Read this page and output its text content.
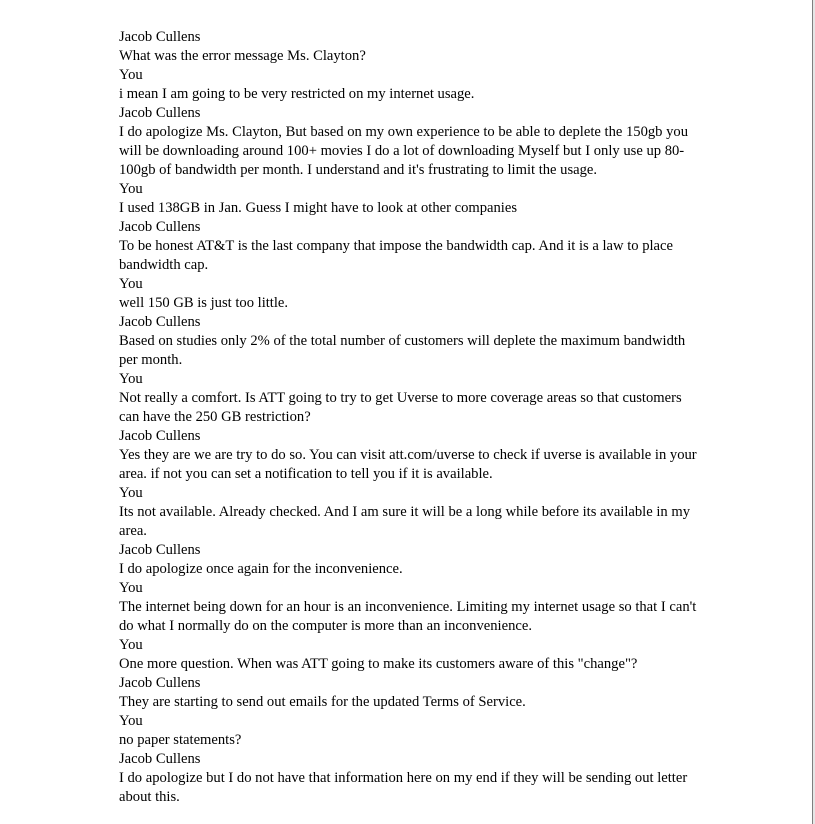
Jacob Cullens
What was the error message Ms. Clayton?
You
i mean I am going to be very restricted on my internet usage.
Jacob Cullens
I do apologize Ms. Clayton, But based on my own experience to be able to deplete the 150gb you will be downloading around 100+ movies I do a lot of downloading Myself but I only use up 80-100gb of bandwidth per month. I understand and it's frustrating to limit the usage.
You
I used 138GB in Jan. Guess I might have to look at other companies
Jacob Cullens
To be honest AT&T is the last company that impose the bandwidth cap. And it is a law to place bandwidth cap.
You
well 150 GB is just too little.
Jacob Cullens
Based on studies only 2% of the total number of customers will deplete the maximum bandwidth per month.
You
Not really a comfort. Is ATT going to try to get Uverse to more coverage areas so that customers can have the 250 GB restriction?
Jacob Cullens
Yes they are we are try to do so. You can visit att.com/uverse to check if uverse is available in your area. if not you can set a notification to tell you if it is available.
You
Its not available. Already checked. And I am sure it will be a long while before its available in my area.
Jacob Cullens
I do apologize once again for the inconvenience.
You
The internet being down for an hour is an inconvenience. Limiting my internet usage so that I can't do what I normally do on the computer is more than an inconvenience.
You
One more question. When was ATT going to make its customers aware of this "change"?
Jacob Cullens
They are starting to send out emails for the updated Terms of Service.
You
no paper statements?
Jacob Cullens
I do apologize but I do not have that information here on my end if they will be sending out letter about this.
